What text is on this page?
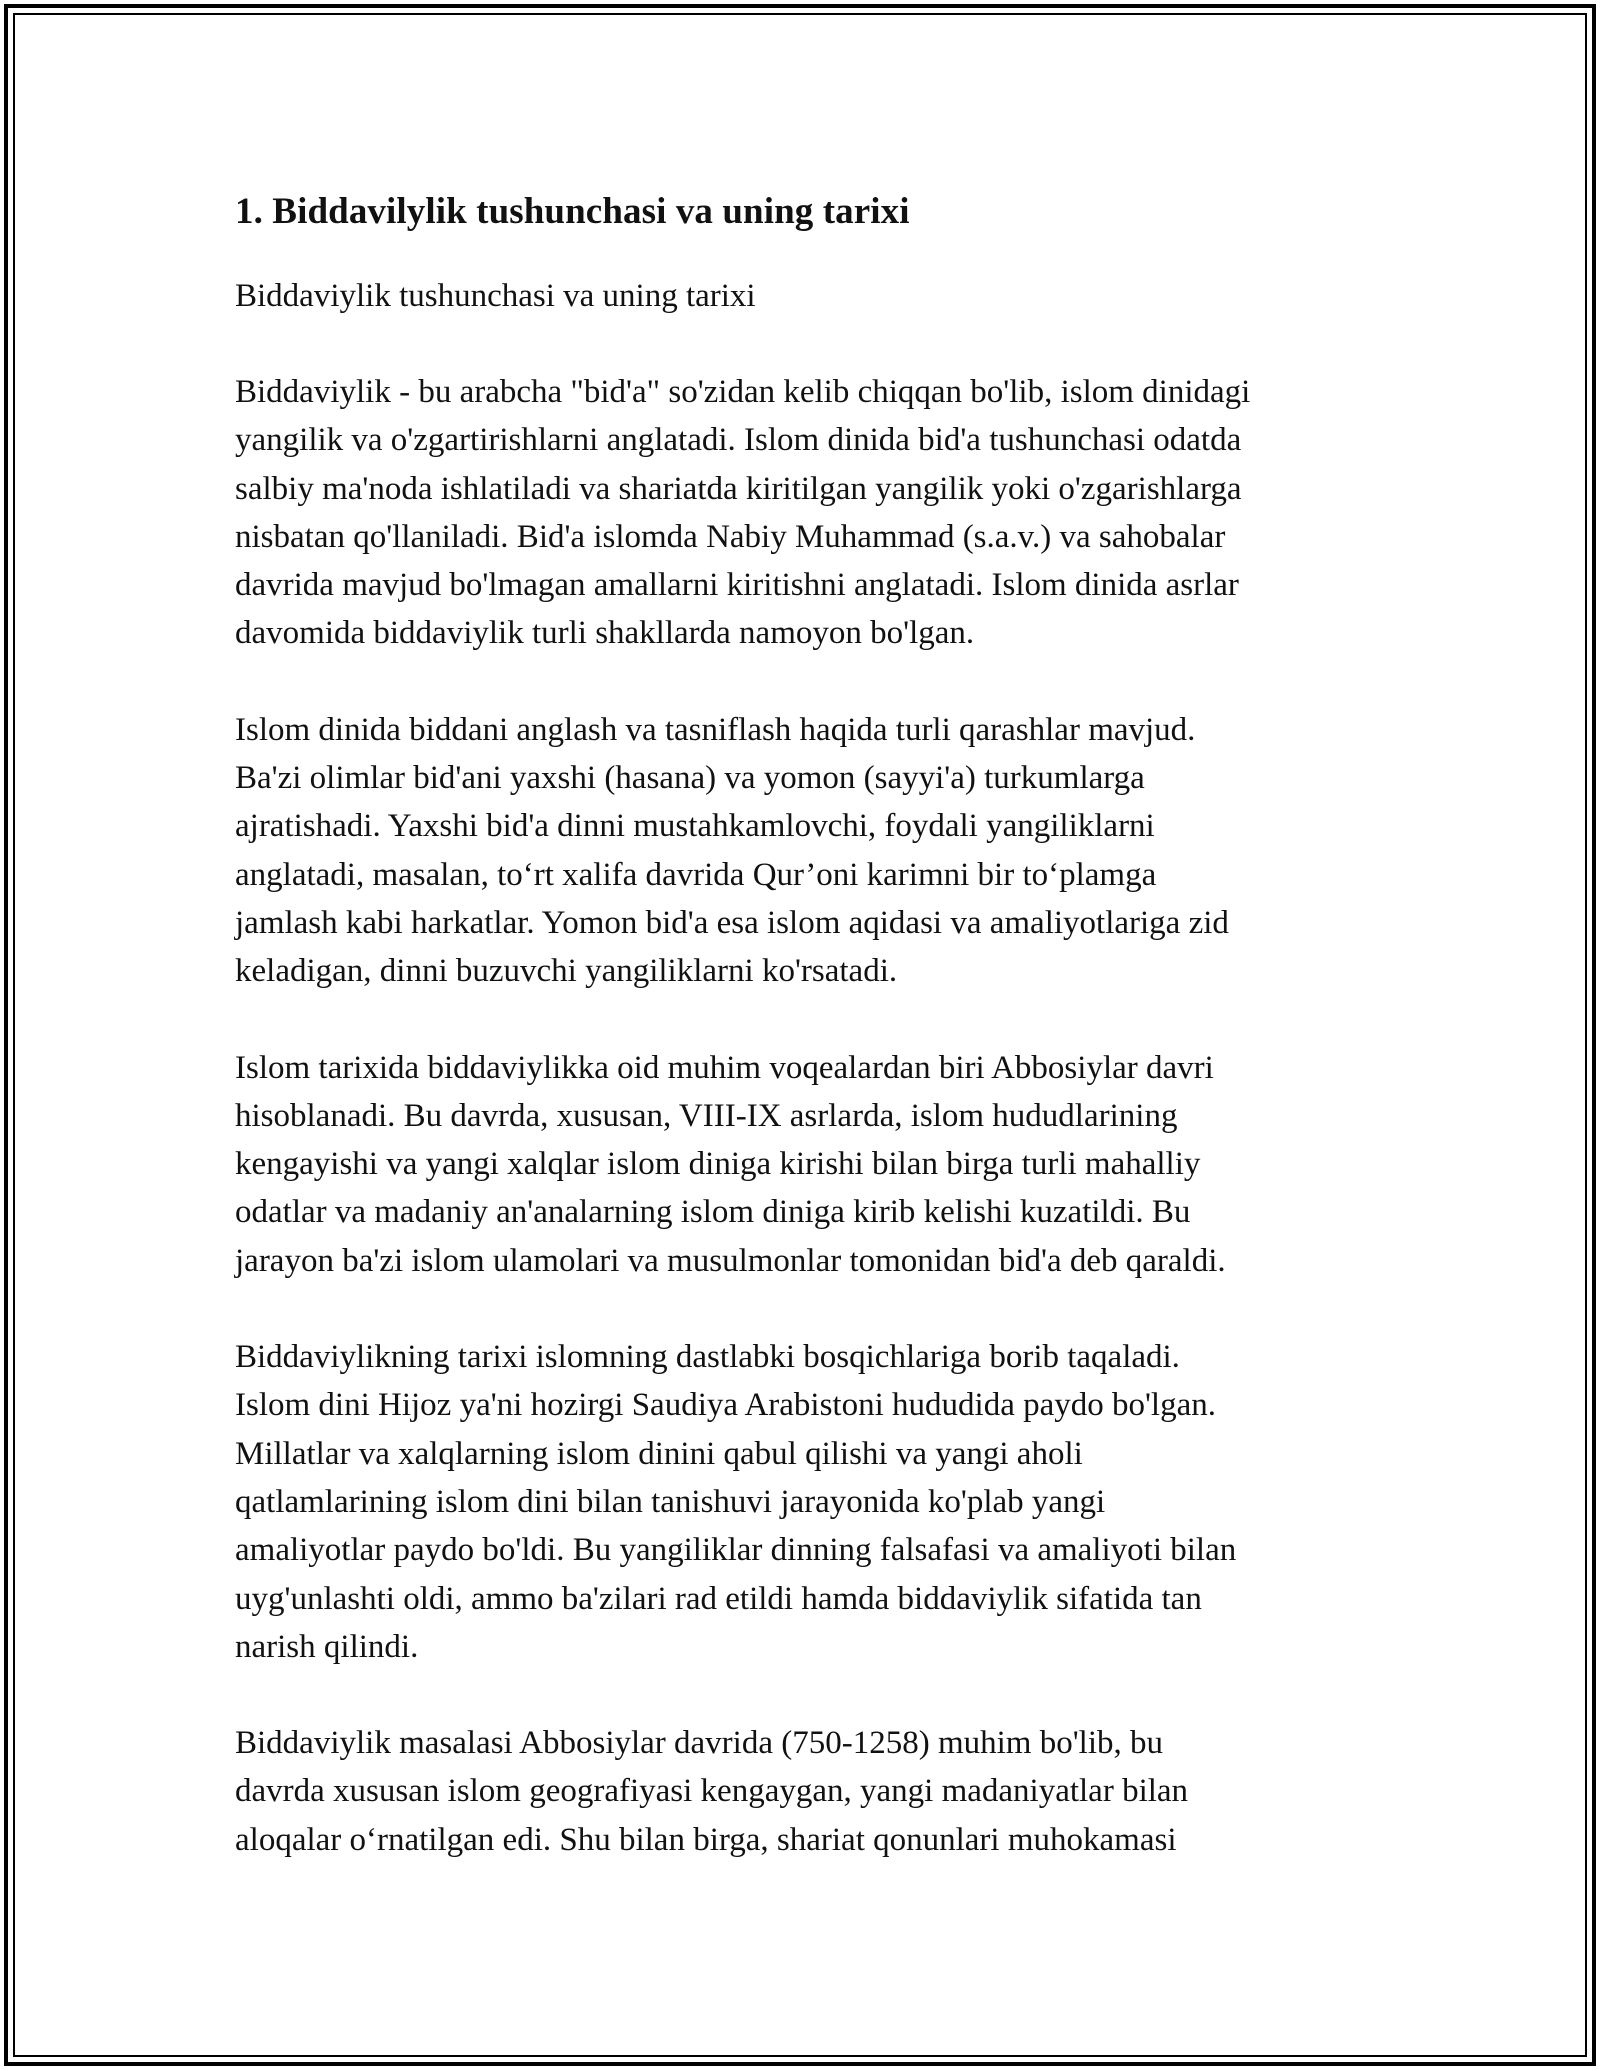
1. Biddavilylik tushunchasi va uning tarixi

Biddaviylik tushunchasi va uning tarixi

Biddaviylik - bu arabcha "bid'a" so'zidan kelib chiqqan bo'lib, islom dinidagi
yangilik va o'zgartirishlarni anglatadi. Islom dinida bid'a tushunchasi odatda
salbiy ma'noda ishlatiladi va shariatda kiritilgan yangilik yoki o'zgarishlarga
nisbatan qo'llaniladi. Bid'a islomda Nabiy Muhammad (s.a.v.) va sahobalar
davrida mavjud bo'lmagan amallarni kiritishni anglatadi. Islom dinida asrlar
davomida biddaviylik turli shakllarda namoyon bo'lgan.

Islom dinida biddani anglash va tasniflash haqida turli qarashlar mavjud.
Ba'zi olimlar bid'ani yaxshi (hasana) va yomon (sayyi'a) turkumlarga
ajratishadi. Yaxshi bid'a dinni mustahkamlovchi, foydali yangiliklarni
anglatadi, masalan, to‘rt xalifa davrida Qur’oni karimni bir to‘plamga
jamlash kabi harkatlar. Yomon bid'a esa islom aqidasi va amaliyotlariga zid
keladigan, dinni buzuvchi yangiliklarni ko'rsatadi.

Islom tarixida biddaviylikka oid muhim voqealardan biri Abbosiylar davri
hisoblanadi. Bu davrda, xususan, VIII-IX asrlarda, islom hududlarining
kengayishi va yangi xalqlar islom diniga kirishi bilan birga turli mahalliy
odatlar va madaniy an'analarning islom diniga kirib kelishi kuzatildi. Bu
jarayon ba'zi islom ulamolari va musulmonlar tomonidan bid'a deb qaraldi.

Biddaviylikning tarixi islomning dastlabki bosqichlariga borib taqaladi.
Islom dini Hijoz ya'ni hozirgi Saudiya Arabistoni hududida paydo bo'lgan.
Millatlar va xalqlarning islom dinini qabul qilishi va yangi aholi
qatlamlarining islom dini bilan tanishuvi jarayonida ko'plab yangi
amaliyotlar paydo bo'ldi. Bu yangiliklar dinning falsafasi va amaliyoti bilan
uyg'unlashti oldi, ammo ba'zilari rad etildi hamda biddaviylik sifatida tan
narish qilindi.

Biddaviylik masalasi Abbosiylar davrida (750-1258) muhim bo'lib, bu
davrda xususan islom geografiyasi kengaygan, yangi madaniyatlar bilan
aloqalar o‘rnatilgan edi. Shu bilan birga, shariat qonunlari muhokamasi
